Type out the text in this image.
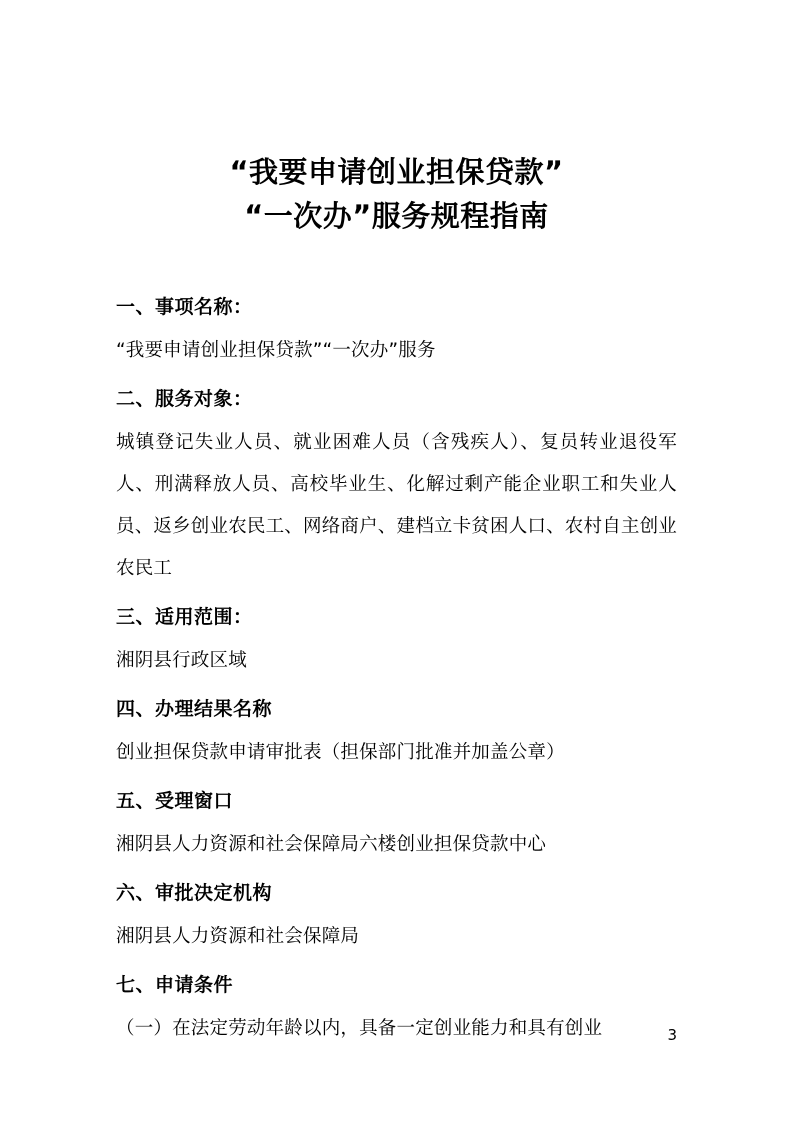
“我要申请创业担保贷款”
“一次办”服务规程指南
一、事项名称：

“我要申请创业担保贷款”“一次办”服务

二、服务对象：

城镇登记失业人员、就业困难人员（含残疾人）、复员转业退役军人、刑满释放人员、高校毕业生、化解过剩产能企业职工和失业人员、返乡创业农民工、网络商户、建档立卡贫困人口、农村自主创业农民工

三、适用范围：

湘阴县行政区域

四、办理结果名称

创业担保贷款申请审批表（担保部门批准并加盖公章）

五、受理窗口

湘阴县人力资源和社会保障局六楼创业担保贷款中心

六、审批决定机构

湘阴县人力资源和社会保障局

七、申请条件

（一）在法定劳动年龄以内，具备一定创业能力和具有创业	3
